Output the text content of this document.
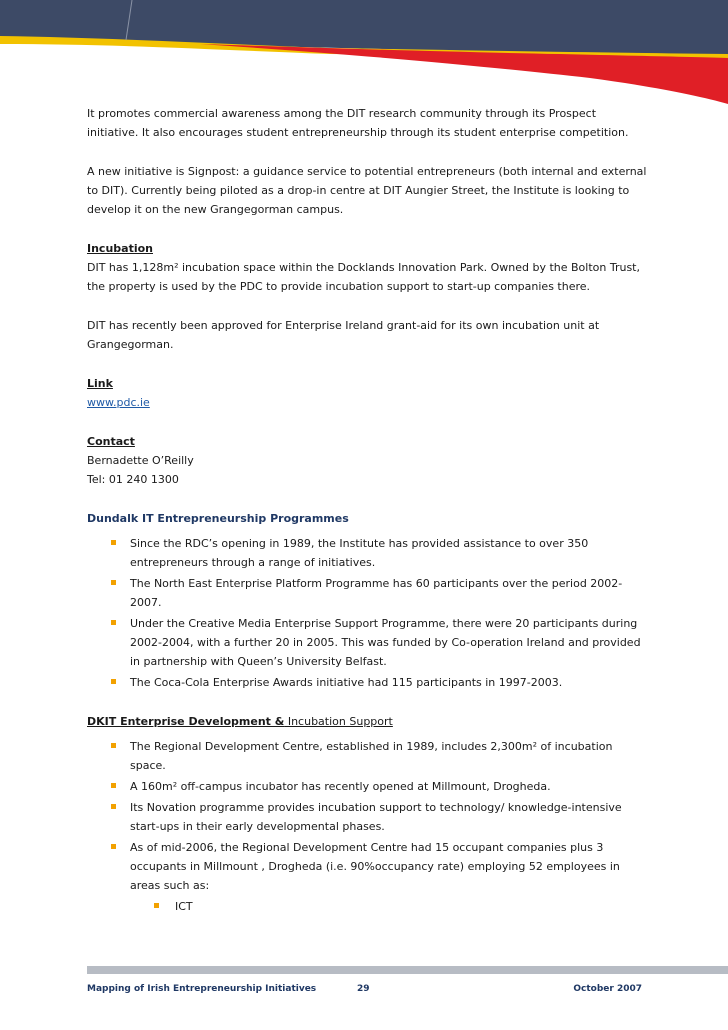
It promotes commercial awareness among the DIT research community through its Prospect initiative. It also encourages student entrepreneurship through its student enterprise competition.

A new initiative is Signpost: a guidance service to potential entrepreneurs (both internal and external to DIT). Currently being piloted as a drop-in centre at DIT Aungier Street, the Institute is looking to develop it on the new Grangegorman campus.

Incubation

DIT has 1,128m² incubation space within the Docklands Innovation Park. Owned by the Bolton Trust, the property is used by the PDC to provide incubation support to start-up companies there.

DIT has recently been approved for Enterprise Ireland grant-aid for its own incubation unit at Grangegorman.

Link

www.pdc.ie

Contact

Bernadette O’Reilly

Tel: 01 240 1300

Dundalk IT Entrepreneurship Programmes

Since the RDC’s opening in 1989, the Institute has provided assistance to over 350 entrepreneurs through a range of initiatives.
The North East Enterprise Platform Programme has 60 participants over the period 2002-2007.
Under the Creative Media Enterprise Support Programme, there were 20 participants during 2002-2004, with a further 20 in 2005. This was funded by Co-operation Ireland and provided in partnership with Queen’s University Belfast.
The Coca-Cola Enterprise Awards initiative had 115 participants in 1997-2003.

DKIT Enterprise Development & Incubation Support

The Regional Development Centre, established in 1989, includes 2,300m² of incubation space.
A 160m² off-campus incubator has recently opened at Millmount, Drogheda.
Its Novation programme provides incubation support to technology/ knowledge-intensive start-ups in their early developmental phases.
As of mid-2006, the Regional Development Centre had 15 occupant companies plus 3 occupants in Millmount , Drogheda (i.e. 90%occupancy rate) employing 52 employees in areas such as:
ICT
Mapping of Irish Entrepreneurship Initiatives	29	October 2007
